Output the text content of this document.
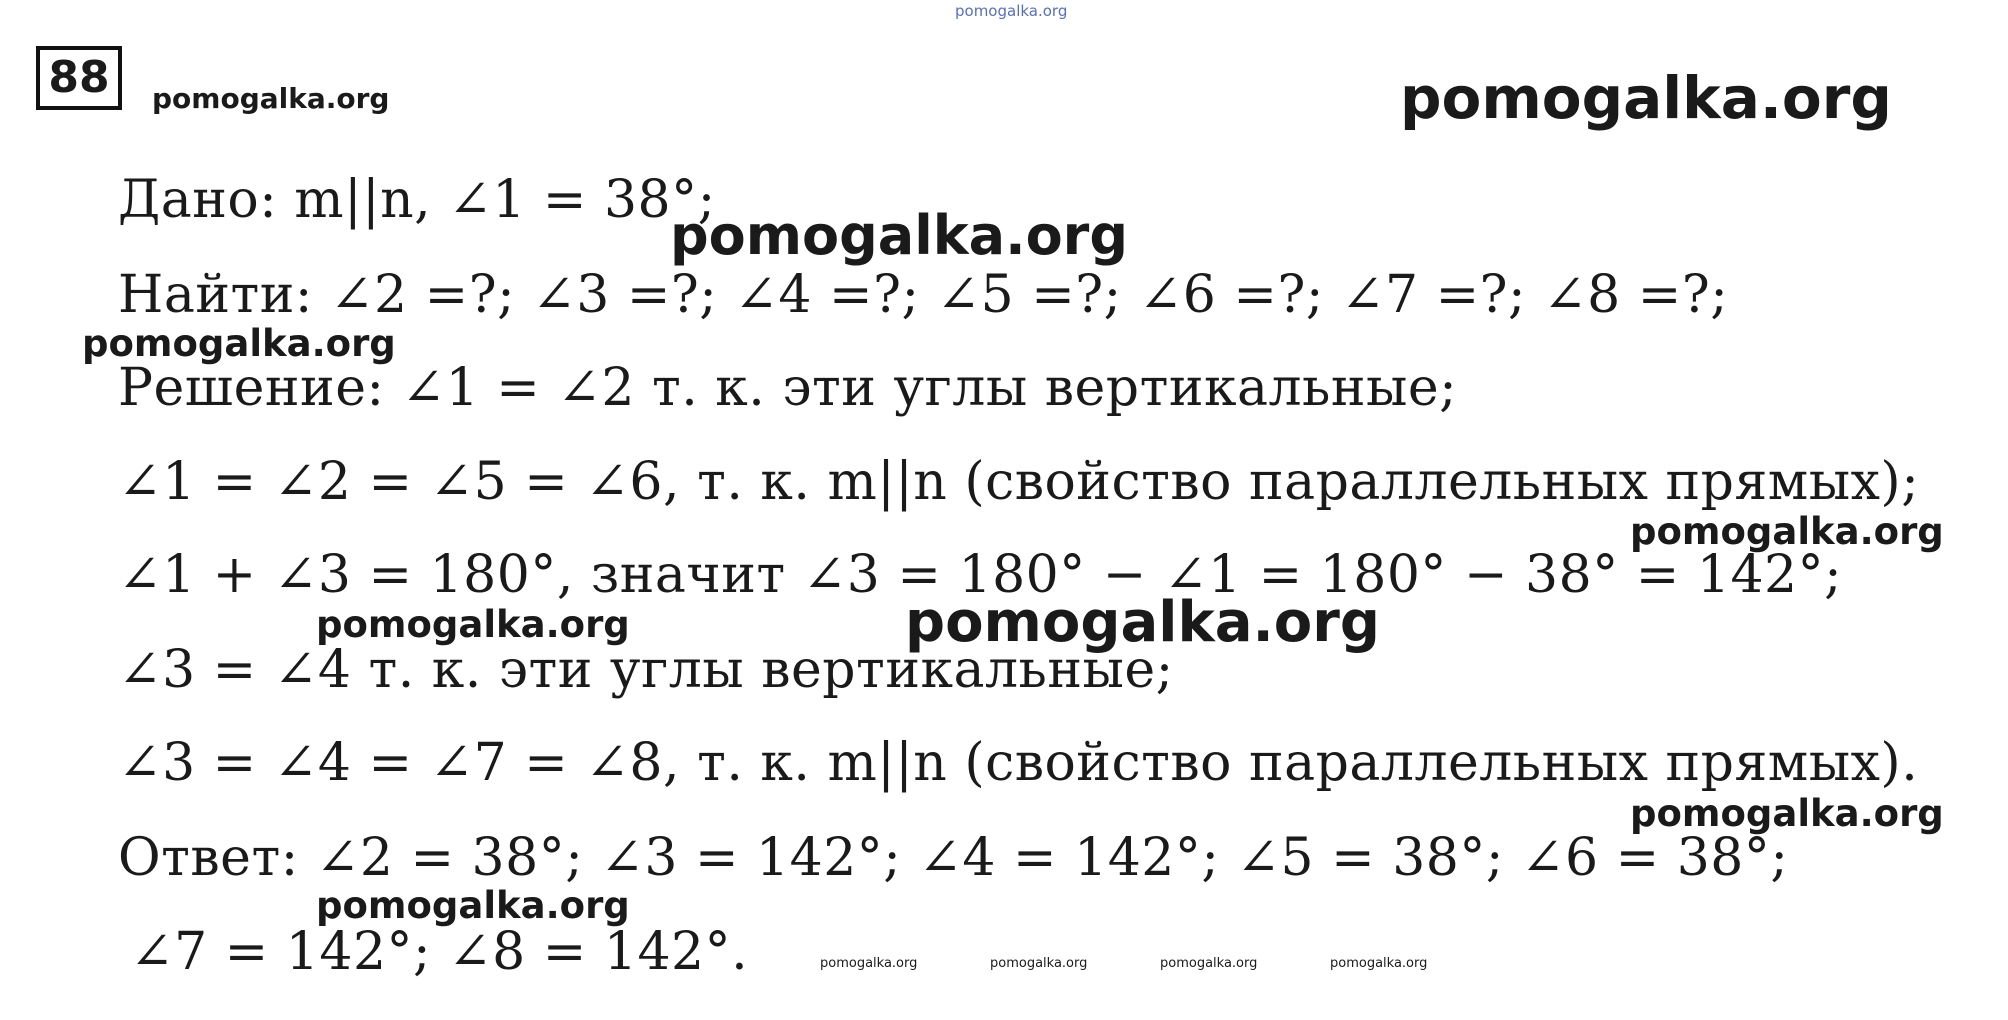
pomogalka.org
88	pomogalka.org	pomogalka.org
Дано: m||n, ∠1 = 38°;
pomogalka.org
Найти: ∠2 =?; ∠3 =?; ∠4 =?; ∠5 =?; ∠6 =?; ∠7 =?; ∠8 =?;
pomogalka.org
Решение: ∠1 = ∠2 т. к. эти углы вертикальные;
∠1 = ∠2 = ∠5 = ∠6, т. к. m||n (свойство параллельных прямых);
pomogalka.org
∠1 + ∠3 = 180°, значит ∠3 = 180° − ∠1 = 180° − 38° = 142°;
pomogalka.org	pomogalka.org
∠3 = ∠4 т. к. эти углы вертикальные;
∠3 = ∠4 = ∠7 = ∠8, т. к. m||n (свойство параллельных прямых).
pomogalka.org
Ответ: ∠2 = 38°; ∠3 = 142°; ∠4 = 142°; ∠5 = 38°; ∠6 = 38°;
pomogalka.org
∠7 = 142°; ∠8 = 142°.	pomogalka.org	pomogalka.org	pomogalka.org	pomogalka.org
